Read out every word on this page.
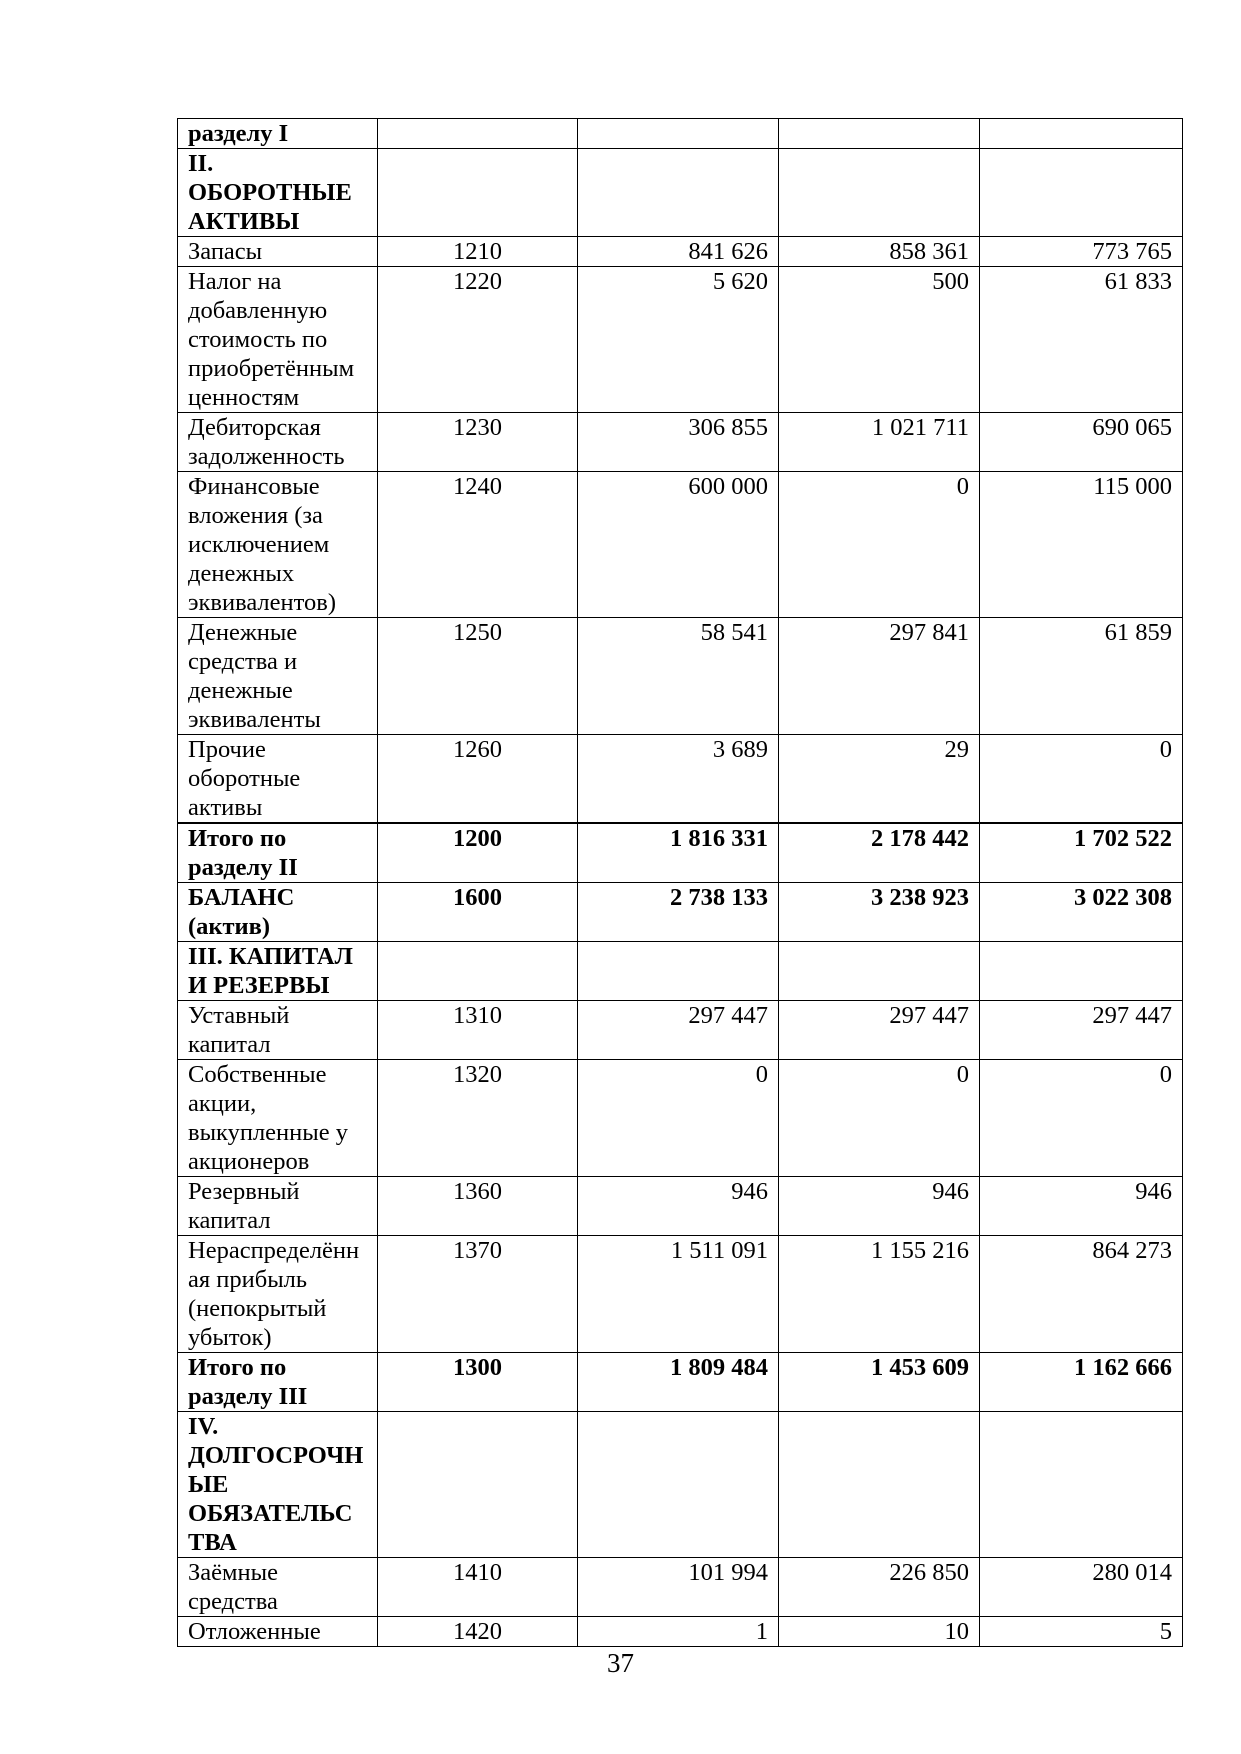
разделу I				
II. ОБОРОТНЫЕ АКТИВЫ				
Запасы	1210	841 626	858 361	773 765
Налог на добавленную стоимость по приобретённым ценностям	1220	5 620	500	61 833
Дебиторская задолженность	1230	306 855	1 021 711	690 065
Финансовые вложения (за исключением денежных эквивалентов)	1240	600 000	0	115 000
Денежные средства и денежные эквиваленты	1250	58 541	297 841	61 859
Прочие оборотные активы	1260	3 689	29	0
Итого по разделу II	1200	1 816 331	2 178 442	1 702 522
БАЛАНС (актив)	1600	2 738 133	3 238 923	3 022 308
III. КАПИТАЛ И РЕЗЕРВЫ				
Уставный капитал	1310	297 447	297 447	297 447
Собственные акции, выкупленные у акционеров	1320	0	0	0
Резервный капитал	1360	946	946	946
Нераспределённая прибыль (непокрытый убыток)	1370	1 511 091	1 155 216	864 273
Итого по разделу III	1300	1 809 484	1 453 609	1 162 666
IV. ДОЛГОСРОЧНЫЕ ОБЯЗАТЕЛЬСТВА				
Заёмные средства	1410	101 994	226 850	280 014
Отложенные	1420	1	10	5
37
